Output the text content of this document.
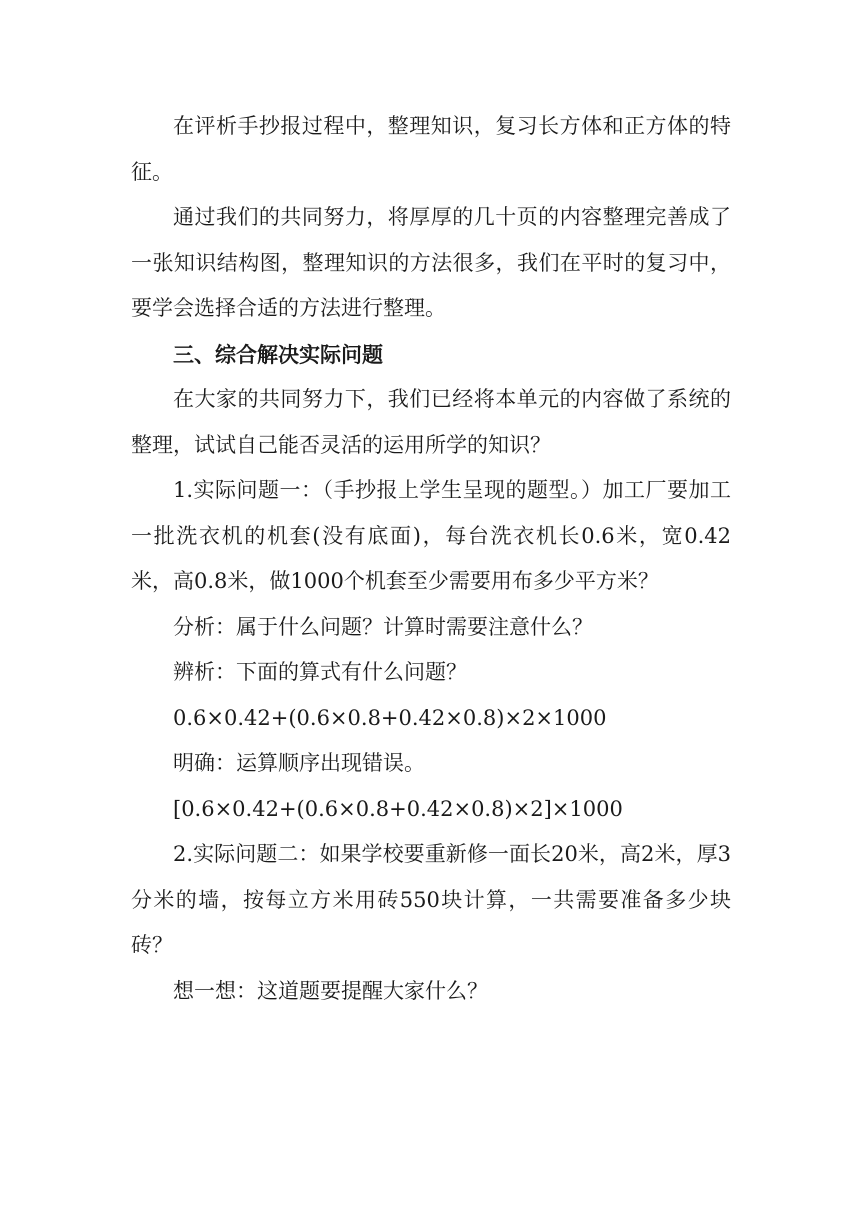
在评析手抄报过程中，整理知识，复习长方体和正方体的特征。

通过我们的共同努力，将厚厚的几十页的内容整理完善成了一张知识结构图，整理知识的方法很多，我们在平时的复习中，要学会选择合适的方法进行整理。

三、综合解决实际问题

在大家的共同努力下，我们已经将本单元的内容做了系统的整理，试试自己能否灵活的运用所学的知识？

1.实际问题一：（手抄报上学生呈现的题型。）加工厂要加工一批洗衣机的机套(没有底面)，每台洗衣机长0.6米，宽0.42米，高0.8米，做1000个机套至少需要用布多少平方米？

分析：属于什么问题？计算时需要注意什么？

辨析：下面的算式有什么问题？

0.6×0.42+(0.6×0.8+0.42×0.8)×2×1000

明确：运算顺序出现错误。

[0.6×0.42+(0.6×0.8+0.42×0.8)×2]×1000

2.实际问题二：如果学校要重新修一面长20米，高2米，厚3分米的墙，按每立方米用砖550块计算，一共需要准备多少块砖？

想一想：这道题要提醒大家什么？
